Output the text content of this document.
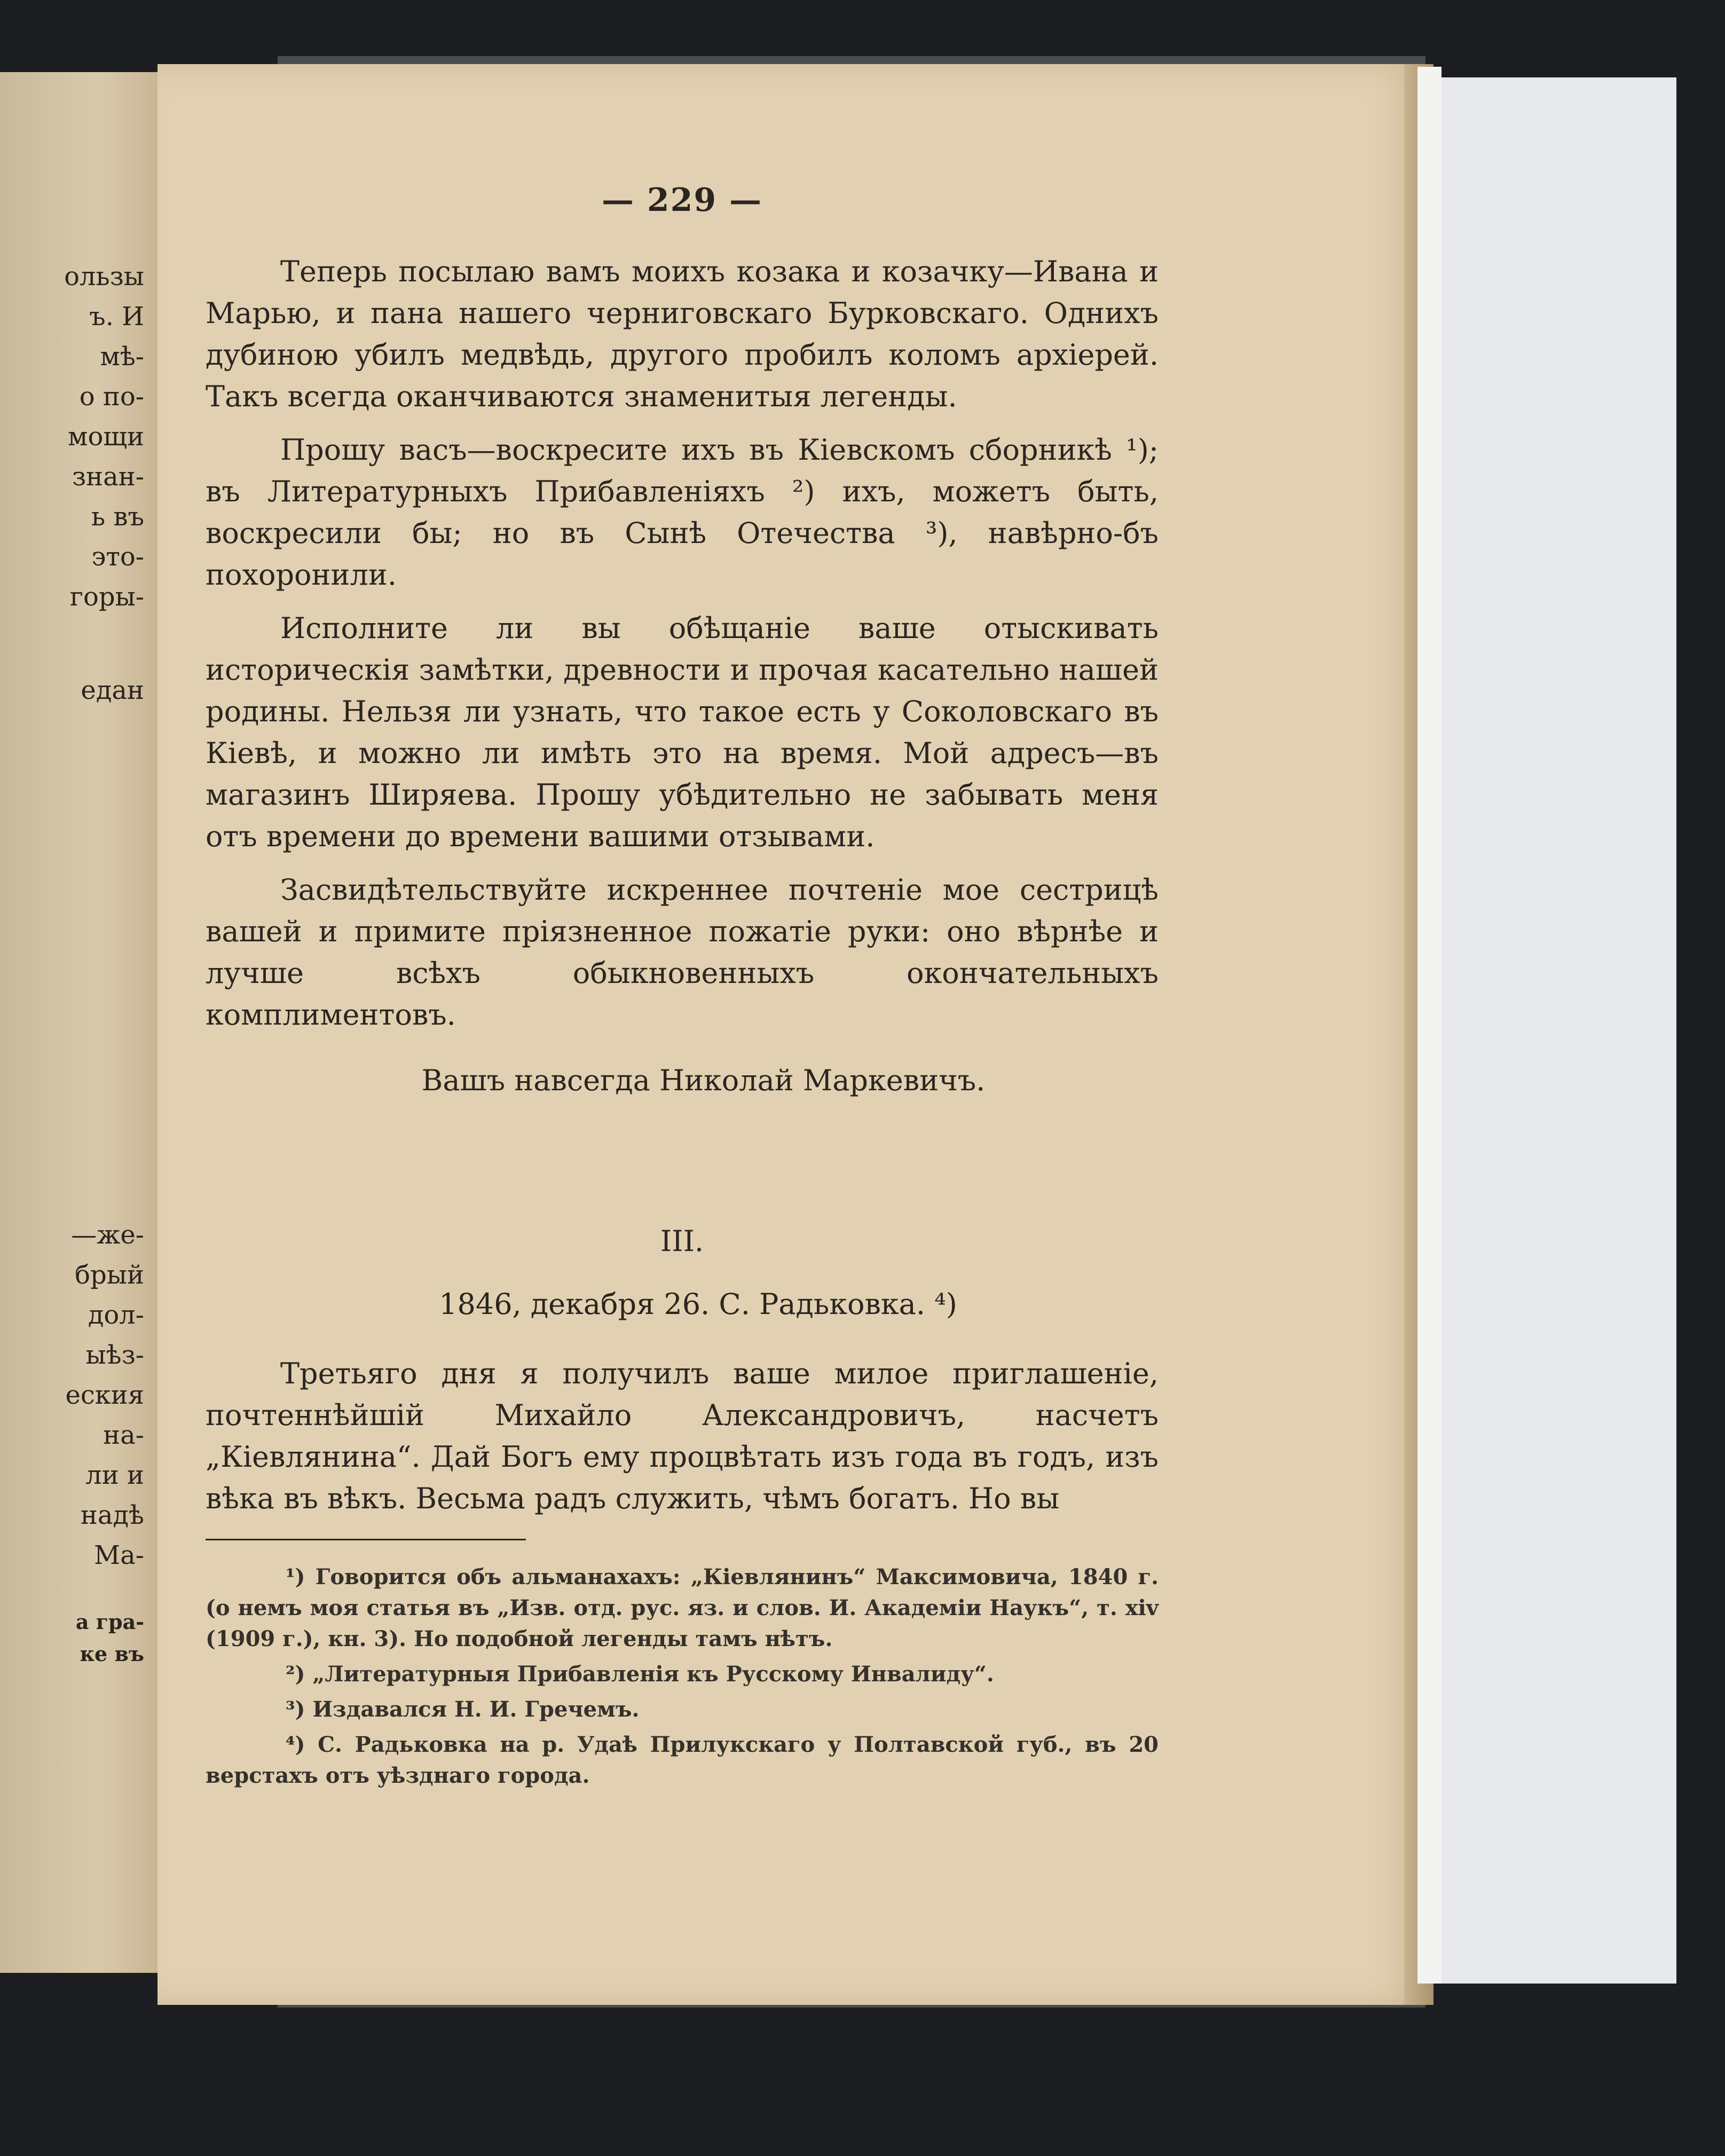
ользы
ъ. И
мѣ-
о по-
мощи
знан-
ь въ
это-
горы-
едан
—же-
брый
дол-
ыѣз-
еския
на-
ли и
надѣ
Ма-
а гра-
ке въ
— 229 —

Теперь посылаю вамъ моихъ козака и козачку—Ивана и Марью, и пана нашего черниговскаго Бурковскаго. Однихъ дубиною убилъ медвѣдь, другого пробилъ коломъ архіерей. Такъ всегда оканчиваются знаменитыя легенды.

Прошу васъ—воскресите ихъ въ Кіевскомъ сборникѣ ¹); въ Литературныхъ Прибавленіяхъ ²) ихъ, можетъ быть, воскресили бы; но въ Сынѣ Отечества ³), навѣрно-бъ похоронили.

Исполните ли вы обѣщаніе ваше отыскивать историческія замѣтки, древности и прочая касательно нашей родины. Нельзя ли узнать, что такое есть у Соколовскаго въ Кіевѣ, и можно ли имѣть это на время. Мой адресъ—въ магазинъ Ширяева. Прошу убѣдительно не забывать меня отъ времени до времени вашими отзывами.

Засвидѣтельствуйте искреннее почтеніе мое сестрицѣ вашей и примите пріязненное пожатіе руки: оно вѣрнѣе и лучше всѣхъ обыкновенныхъ окончательныхъ комплиментовъ.

Вашъ навсегда Николай Маркевичъ.
III.
1846, декабря 26. С. Радьковка. ⁴)

Третьяго дня я получилъ ваше милое приглашеніе, почтеннѣйшій Михайло Александровичъ, насчетъ „Кіевлянина“. Дай Богъ ему процвѣтать изъ года въ годъ, изъ вѣка въ вѣкъ. Весьма радъ служить, чѣмъ богатъ. Но вы

¹) Говорится объ альманахахъ: „Кіевлянинъ“ Максимовича, 1840 г. (о немъ моя статья въ „Изв. отд. рус. яз. и слов. И. Академіи Наукъ“, т. xiv (1909 г.), кн. 3). Но подобной легенды тамъ нѣтъ.

²) „Литературныя Прибавленія къ Русскому Инвалиду“.

³) Издавался Н. И. Гречемъ.

⁴) С. Радьковка на р. Удаѣ Прилукскаго у Полтавской губ., въ 20 верстахъ отъ уѣзднаго города.
